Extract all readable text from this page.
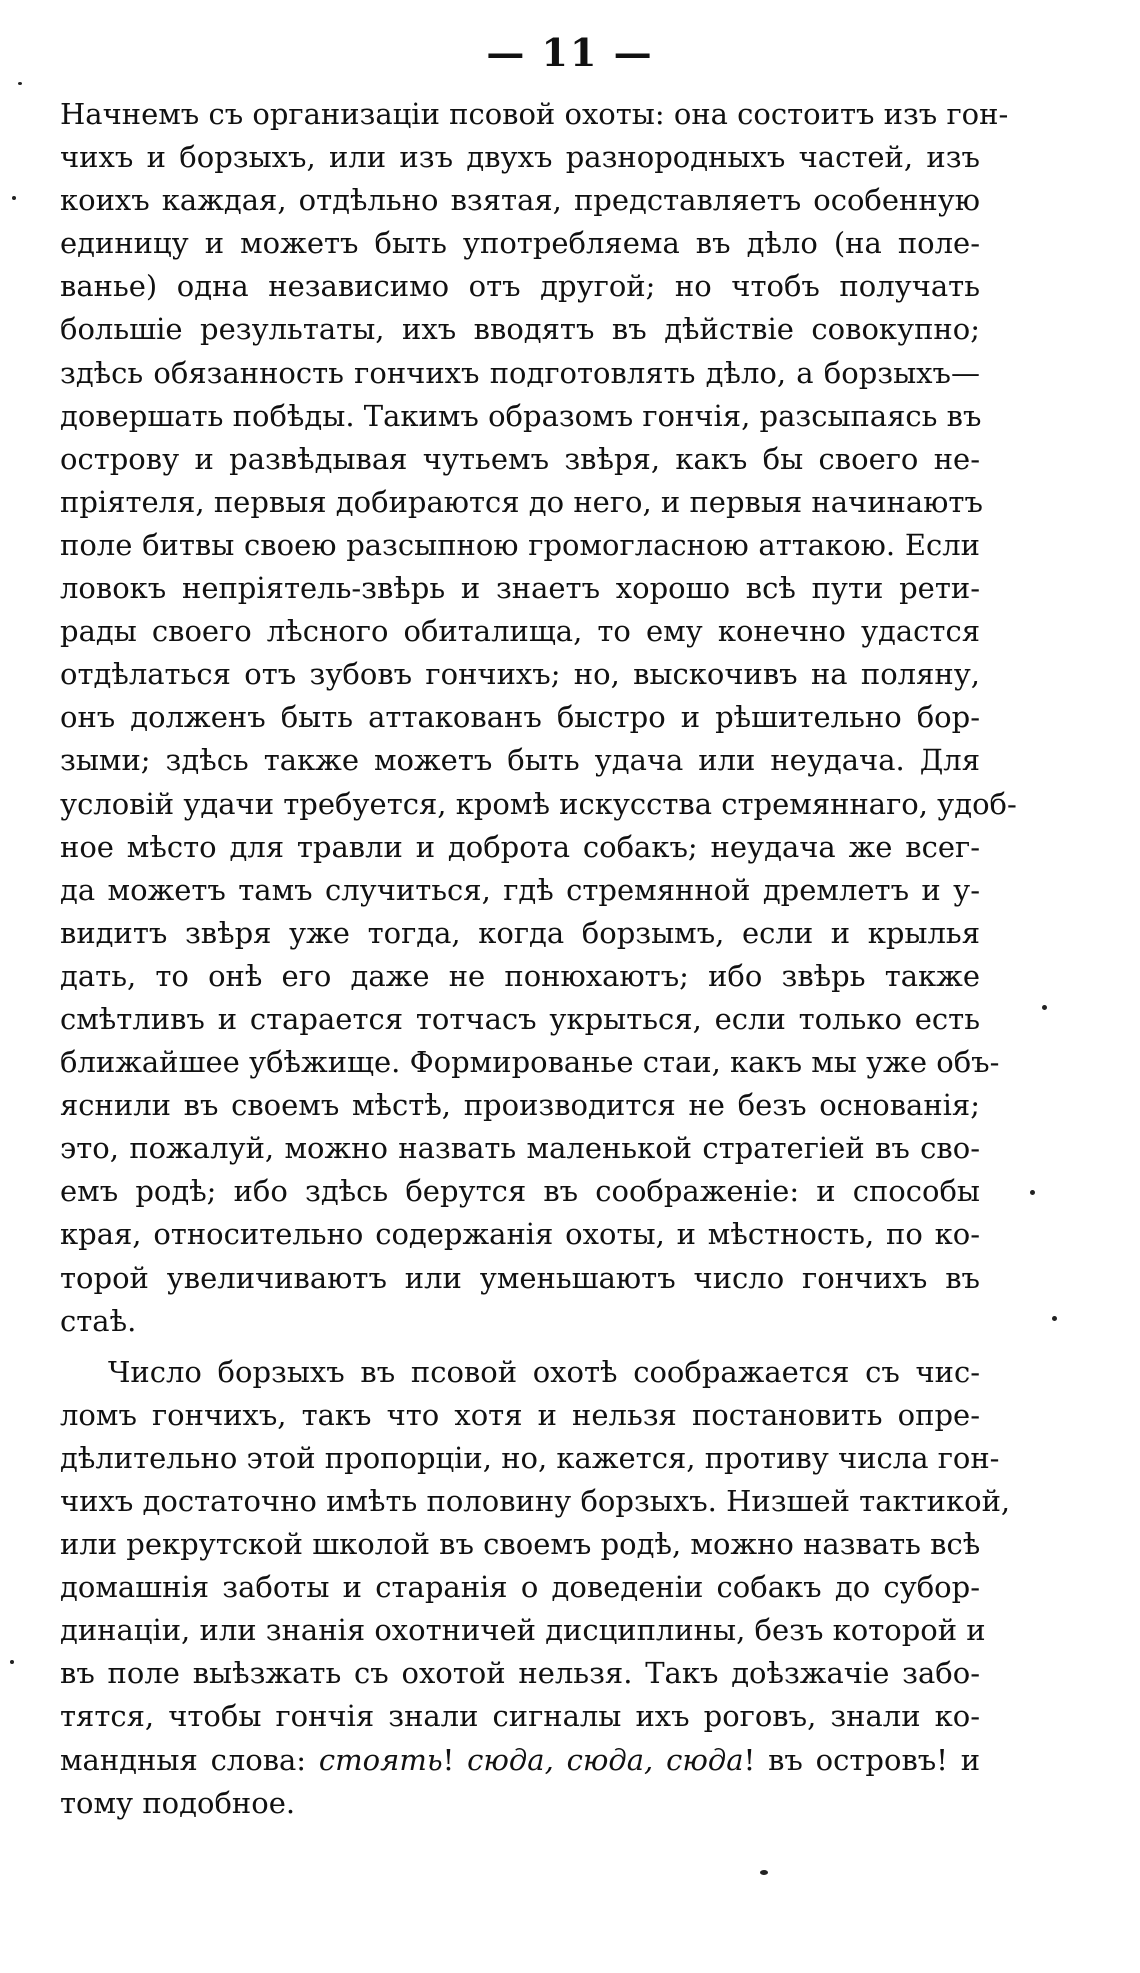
— 11 —
Начнемъ съ организаціи псовой охоты: она состоитъ изъ гон-
чихъ и борзыхъ, или изъ двухъ разнородныхъ частей, изъ
коихъ каждая, отдѣльно взятая, представляетъ особенную
единицу и можетъ быть употребляема въ дѣло (на поле-
ванье) одна независимо отъ другой; но чтобъ получать
большіе результаты, ихъ вводятъ въ дѣйствіе совокупно;
здѣсь обязанность гончихъ подготовлять дѣло, а борзыхъ—
довершать побѣды. Такимъ образомъ гончія, разсыпаясь въ
острову и развѣдывая чутьемъ звѣря, какъ бы своего не-
пріятеля, первыя добираются до него, и первыя начинаютъ
поле битвы своею разсыпною громогласною аттакою. Если
ловокъ непріятель-звѣрь и знаетъ хорошо всѣ пути рети-
рады своего лѣсного обиталища, то ему конечно удастся
отдѣлаться отъ зубовъ гончихъ; но, выскочивъ на поляну,
онъ долженъ быть аттакованъ быстро и рѣшительно бор-
зыми; здѣсь также можетъ быть удача или неудача. Для
условій удачи требуется, кромѣ искусства стремяннаго, удоб-
ное мѣсто для травли и доброта собакъ; неудача же всег-
да можетъ тамъ случиться, гдѣ стремянной дремлетъ и у-
видитъ звѣря уже тогда, когда борзымъ, если и крылья
дать, то онѣ его даже не понюхаютъ; ибо звѣрь также
смѣтливъ и старается тотчасъ укрыться, если только есть
ближайшее убѣжище. Формированье стаи, какъ мы уже объ-
яснили въ своемъ мѣстѣ, производится не безъ основанія;
это, пожалуй, можно назвать маленькой стратегіей въ сво-
емъ родѣ; ибо здѣсь берутся въ соображеніе: и способы
края, относительно содержанія охоты, и мѣстность, по ко-
торой увеличиваютъ или уменьшаютъ число гончихъ въ
стаѣ.
Число борзыхъ въ псовой охотѣ соображается съ чис-
ломъ гончихъ, такъ что хотя и нельзя постановить опре-
дѣлительно этой пропорціи, но, кажется, противу числа гон-
чихъ достаточно имѣть половину борзыхъ. Низшей тактикой,
или рекрутской школой въ своемъ родѣ, можно назвать всѣ
домашнія заботы и старанія о доведеніи собакъ до субор-
динаціи, или знанія охотничей дисциплины, безъ которой и
въ поле выѣзжать съ охотой нельзя. Такъ доѣзжачіе забо-
тятся, чтобы гончія знали сигналы ихъ роговъ, знали ко-
мандныя слова: стоять! сюда, сюда, сюда! въ островъ! и
тому подобное.
